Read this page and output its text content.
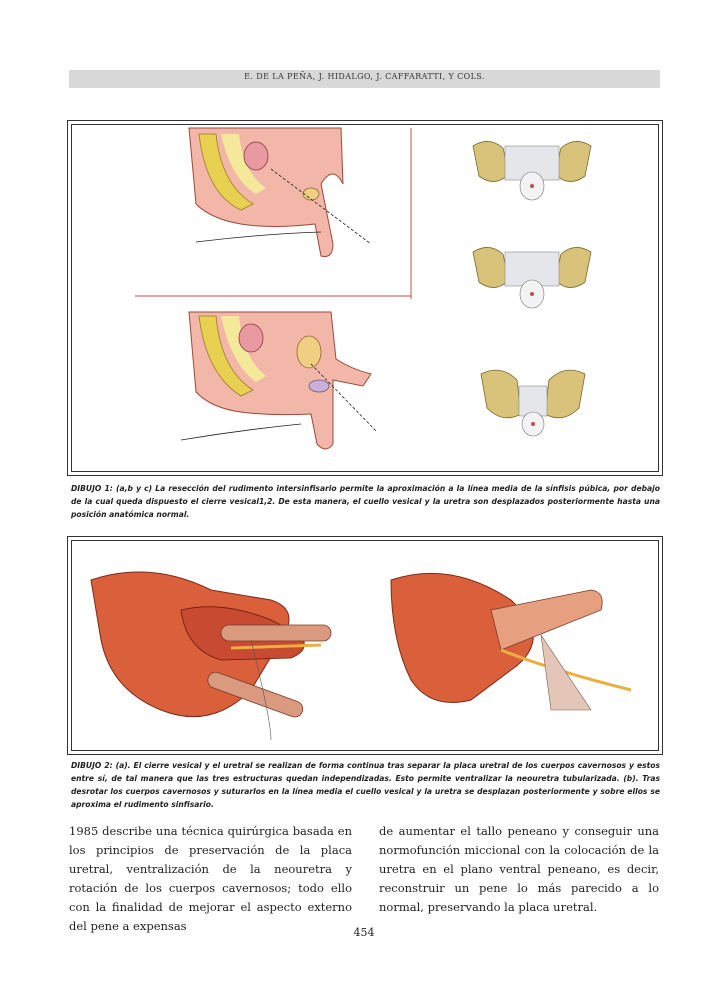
E. DE LA PEÑA, J. HIDALGO, J. CAFFARATTI, Y COLS.
DIBUJO 1: (a,b y c) La resección del rudimento intersinfisario permite la aproximación a la línea media de la sínfisis púbica, por debajo de la cual queda dispuesto el cierre vesical1,2. De esta manera, el cuello vesical y la uretra son desplazados posteriormente hasta una posición anatómica normal.
DIBUJO 2: (a). El cierre vesical y el uretral se realizan de forma continua tras separar la placa uretral de los cuerpos cavernosos y estos entre sí, de tal manera que las tres estructuras quedan independizadas. Esto permite ventralizar la neouretra tubularizada. (b). Tras desrotar los cuerpos cavernosos y suturarlos en la línea media el cuello vesical y la uretra se desplazan posteriormente y sobre ellos se aproxima el rudimento sinfisario.
1985 describe una técnica quirúrgica basada en los principios de preservación de la placa uretral, ventralización de la neouretra y rotación de los cuerpos cavernosos; todo ello con la finalidad de mejorar el aspecto externo del pene a expensas
de aumentar el tallo peneano y conseguir una normofunción miccional con la colocación de la uretra en el plano ventral peneano, es decir, reconstruir un pene lo más parecido a lo normal, preservando la placa uretral.
454
